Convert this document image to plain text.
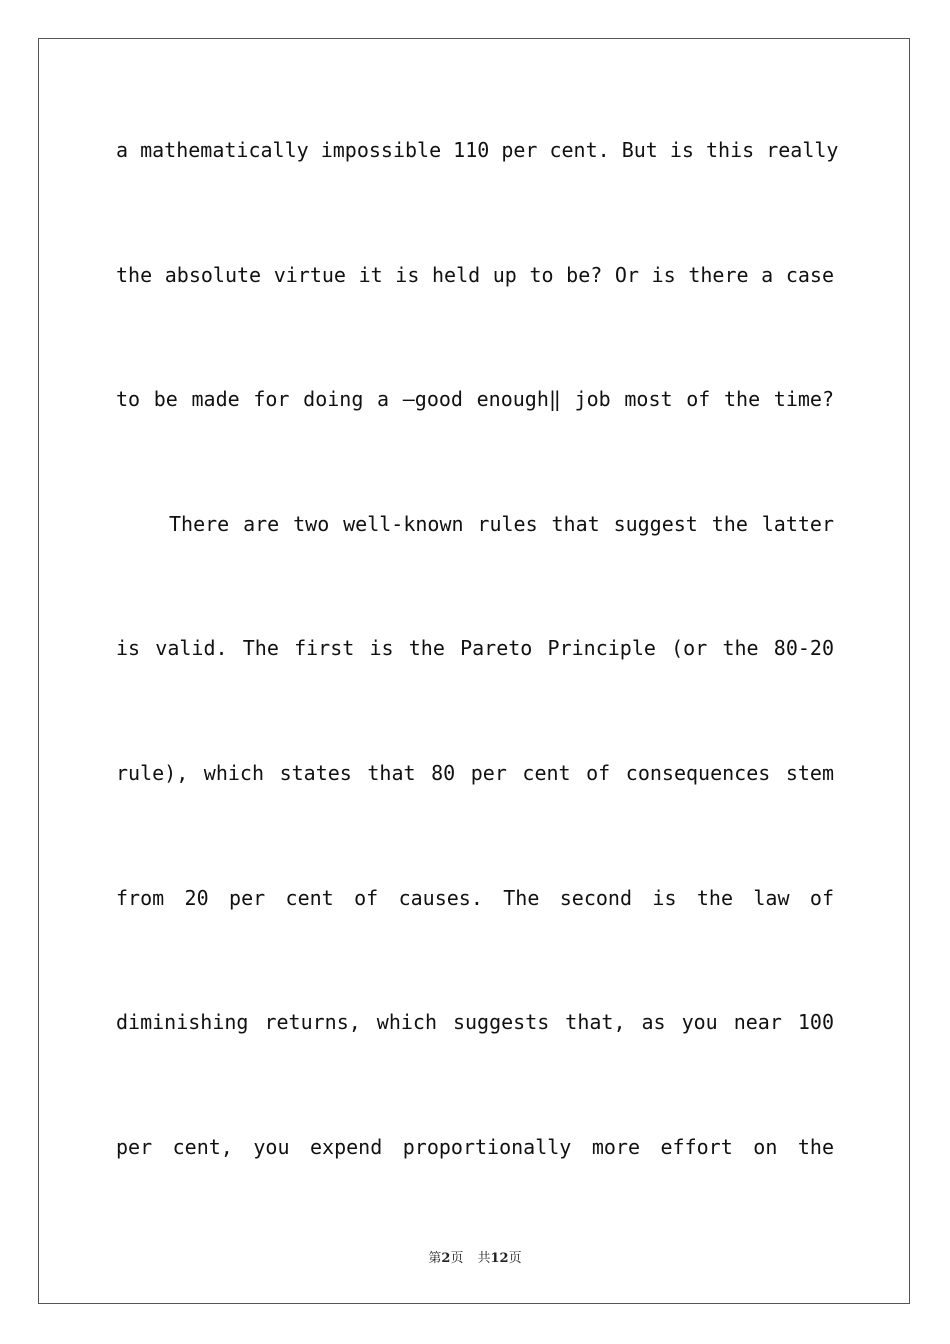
a mathematically impossible 110 per cent. But is this really
the absolute virtue it is held up to be? Or is there a case
to be made for doing a —good enough‖ job most of the time?
There are two well-known rules that suggest the latter
is valid. The first is the Pareto Principle (or the 80-20
rule), which states that 80 per cent of consequences stem
from 20 per cent of causes. The second is the law of
diminishing returns, which suggests that, as you near 100
per cent, you expend proportionally more effort on the
第2页 共12页
